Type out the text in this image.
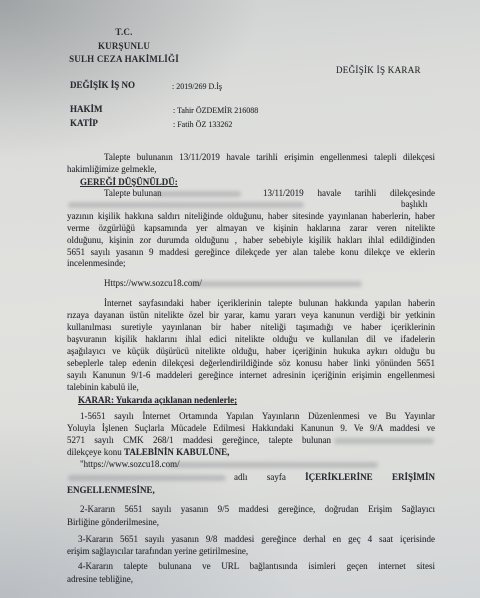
T.C.
KURŞUNLU
SULH CEZA HAKİMLİĞİ
DEĞİŞİK İŞ KARAR
DEĞİŞİK İŞ NO	: 2019/269 D.İş
HAKİM	: Tahir ÖZDEMİR 216088
KATİP	: Fatih ÖZ 133262
Talepte bulunanın 13/11/2019 havale tarihli erişimin engellenmesi talepli dilekçesi
hakimliğimize gelmekle,
GEREĞİ DÜŞÜNÜLDÜ:
Talepte bulunan	13/11/2019 havale tarihli dilekçesinde
başlıklı
yazının kişilik hakkına saldırı niteliğinde olduğunu, haber sitesinde yayınlanan haberlerin, haber
verme özgürlüğü kapsamında yer almayan ve kişinin haklarına zarar veren nitelikte
olduğunu, kişinin zor durumda olduğunu , haber sebebiyle kişilik hakları ihlal edildiğinden
5651 sayılı yasanın 9 maddesi gereğince dilekçede yer alan talebe konu dilekçe ve eklerin
incelenmesinde;
Https://www.sozcu18.com/
İnternet sayfasındaki haber içeriklerinin talepte bulunan hakkında yapılan haberin
rızaya dayanan üstün nitelikte özel bir yarar, kamu yararı veya kanunun verdiği bir yetkinin
kullanılması suretiyle yayınlanan bir haber niteliği taşımadığı ve haber içeriklerinin
başvuranın kişilik haklarını ihlal edici nitelikte olduğu ve kullanılan dil ve ifadelerin
aşağılayıcı ve küçük düşürücü nitelikte olduğu, haber içeriğinin hukuka aykırı olduğu bu
sebeplerle talep edenin dilekçesi değerlendirildiğinde söz konusu haber linki yönünden 5651
sayılı Kanunun 9/1-6 maddeleri gereğince internet adresinin içeriğinin erişimin engellenmesi
talebinin kabulü ile,
KARAR: Yukarıda açıklanan nedenlerle;
1-5651 sayılı İnternet Ortamında Yapılan Yayınların Düzenlenmesi ve Bu Yayınlar
Yoluyla İşlenen Suçlarla Mücadele Edilmesi Hakkındaki Kanunun 9. Ve 9/A maddesi ve
5271 sayılı CMK 268/1 maddesi gereğince, talepte bulunan
dilekçeye konu TALEBİNİN KABULÜNE,
"https://www.sozcu18.com/
adlı sayfa İÇERİKLERİNE ERİŞİMİN
ENGELLENMESİNE,
2-Kararın 5651 sayılı yasanın 9/5 maddesi gereğince, doğrudan Erişim Sağlayıcı
Birliğine gönderilmesine,
3-Kararın 5651 sayılı yasanın 9/8 maddesi gereğince derhal en geç 4 saat içerisinde
erişim sağlayıcılar tarafından yerine getirilmesine,
4-Kararın talepte bulunana ve URL bağlantısında isimleri geçen internet sitesi
adresine tebliğine,
